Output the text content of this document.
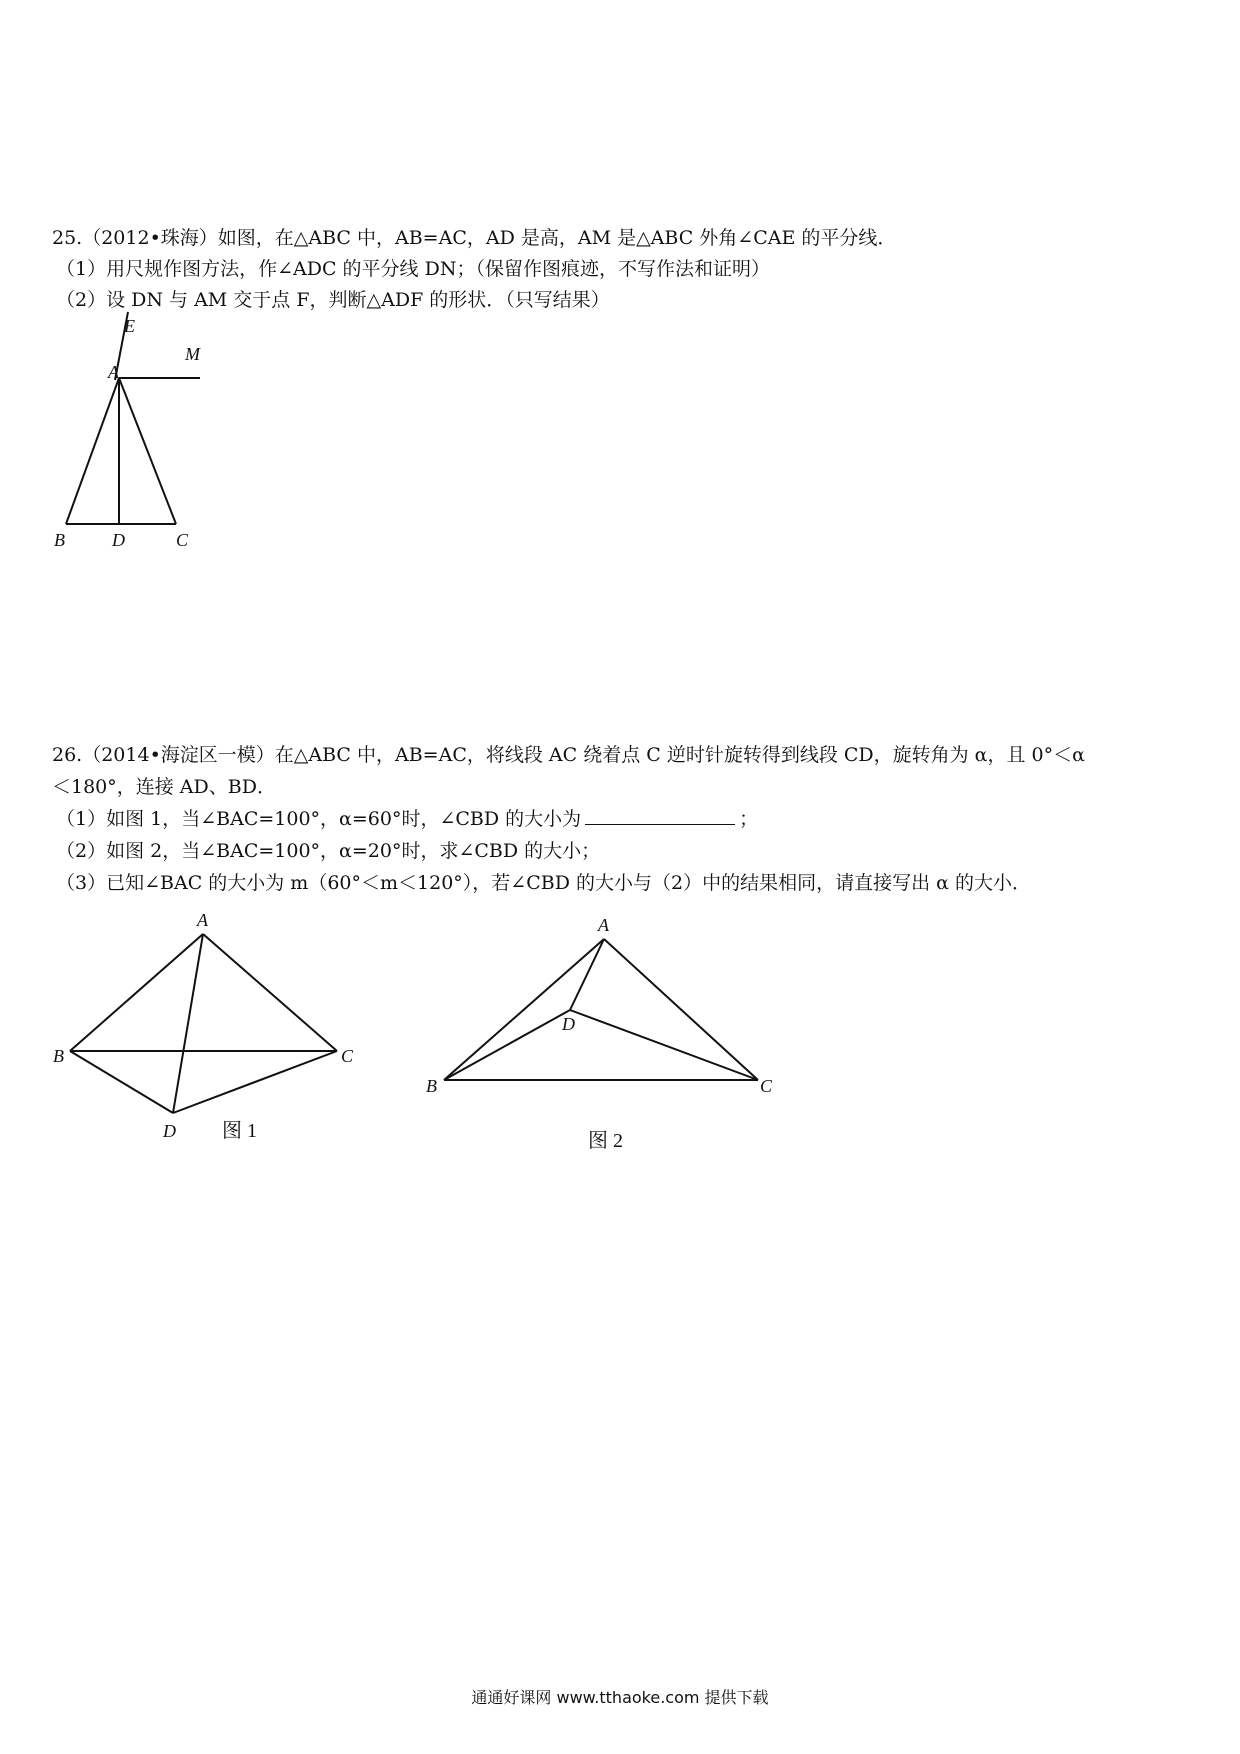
25.（2012•珠海）如图，在△ABC 中，AB=AC，AD 是高，AM 是△ABC 外角∠CAE 的平分线．
（1）用尺规作图方法，作∠ADC 的平分线 DN；（保留作图痕迹，不写作法和证明）
（2）设 DN 与 AM 交于点 F，判断△ADF 的形状．（只写结果）
E
M
A
B	D	C
26.（2014•海淀区一模）在△ABC 中，AB=AC，将线段 AC 绕着点 C 逆时针旋转得到线段 CD，旋转角为 α，且 0°＜α
＜180°，连接 AD、BD．
（1）如图 1，当∠BAC=100°，α=60°时，∠CBD 的大小为	；
（2）如图 2，当∠BAC=100°，α=20°时，求∠CBD 的大小；
（3）已知∠BAC 的大小为 m（60°＜m＜120°），若∠CBD 的大小与（2）中的结果相同，请直接写出 α 的大小．
A
B	C
D 图 1
A
B	C
D
图 2
通通好课网 www.tthaoke.com 提供下载
